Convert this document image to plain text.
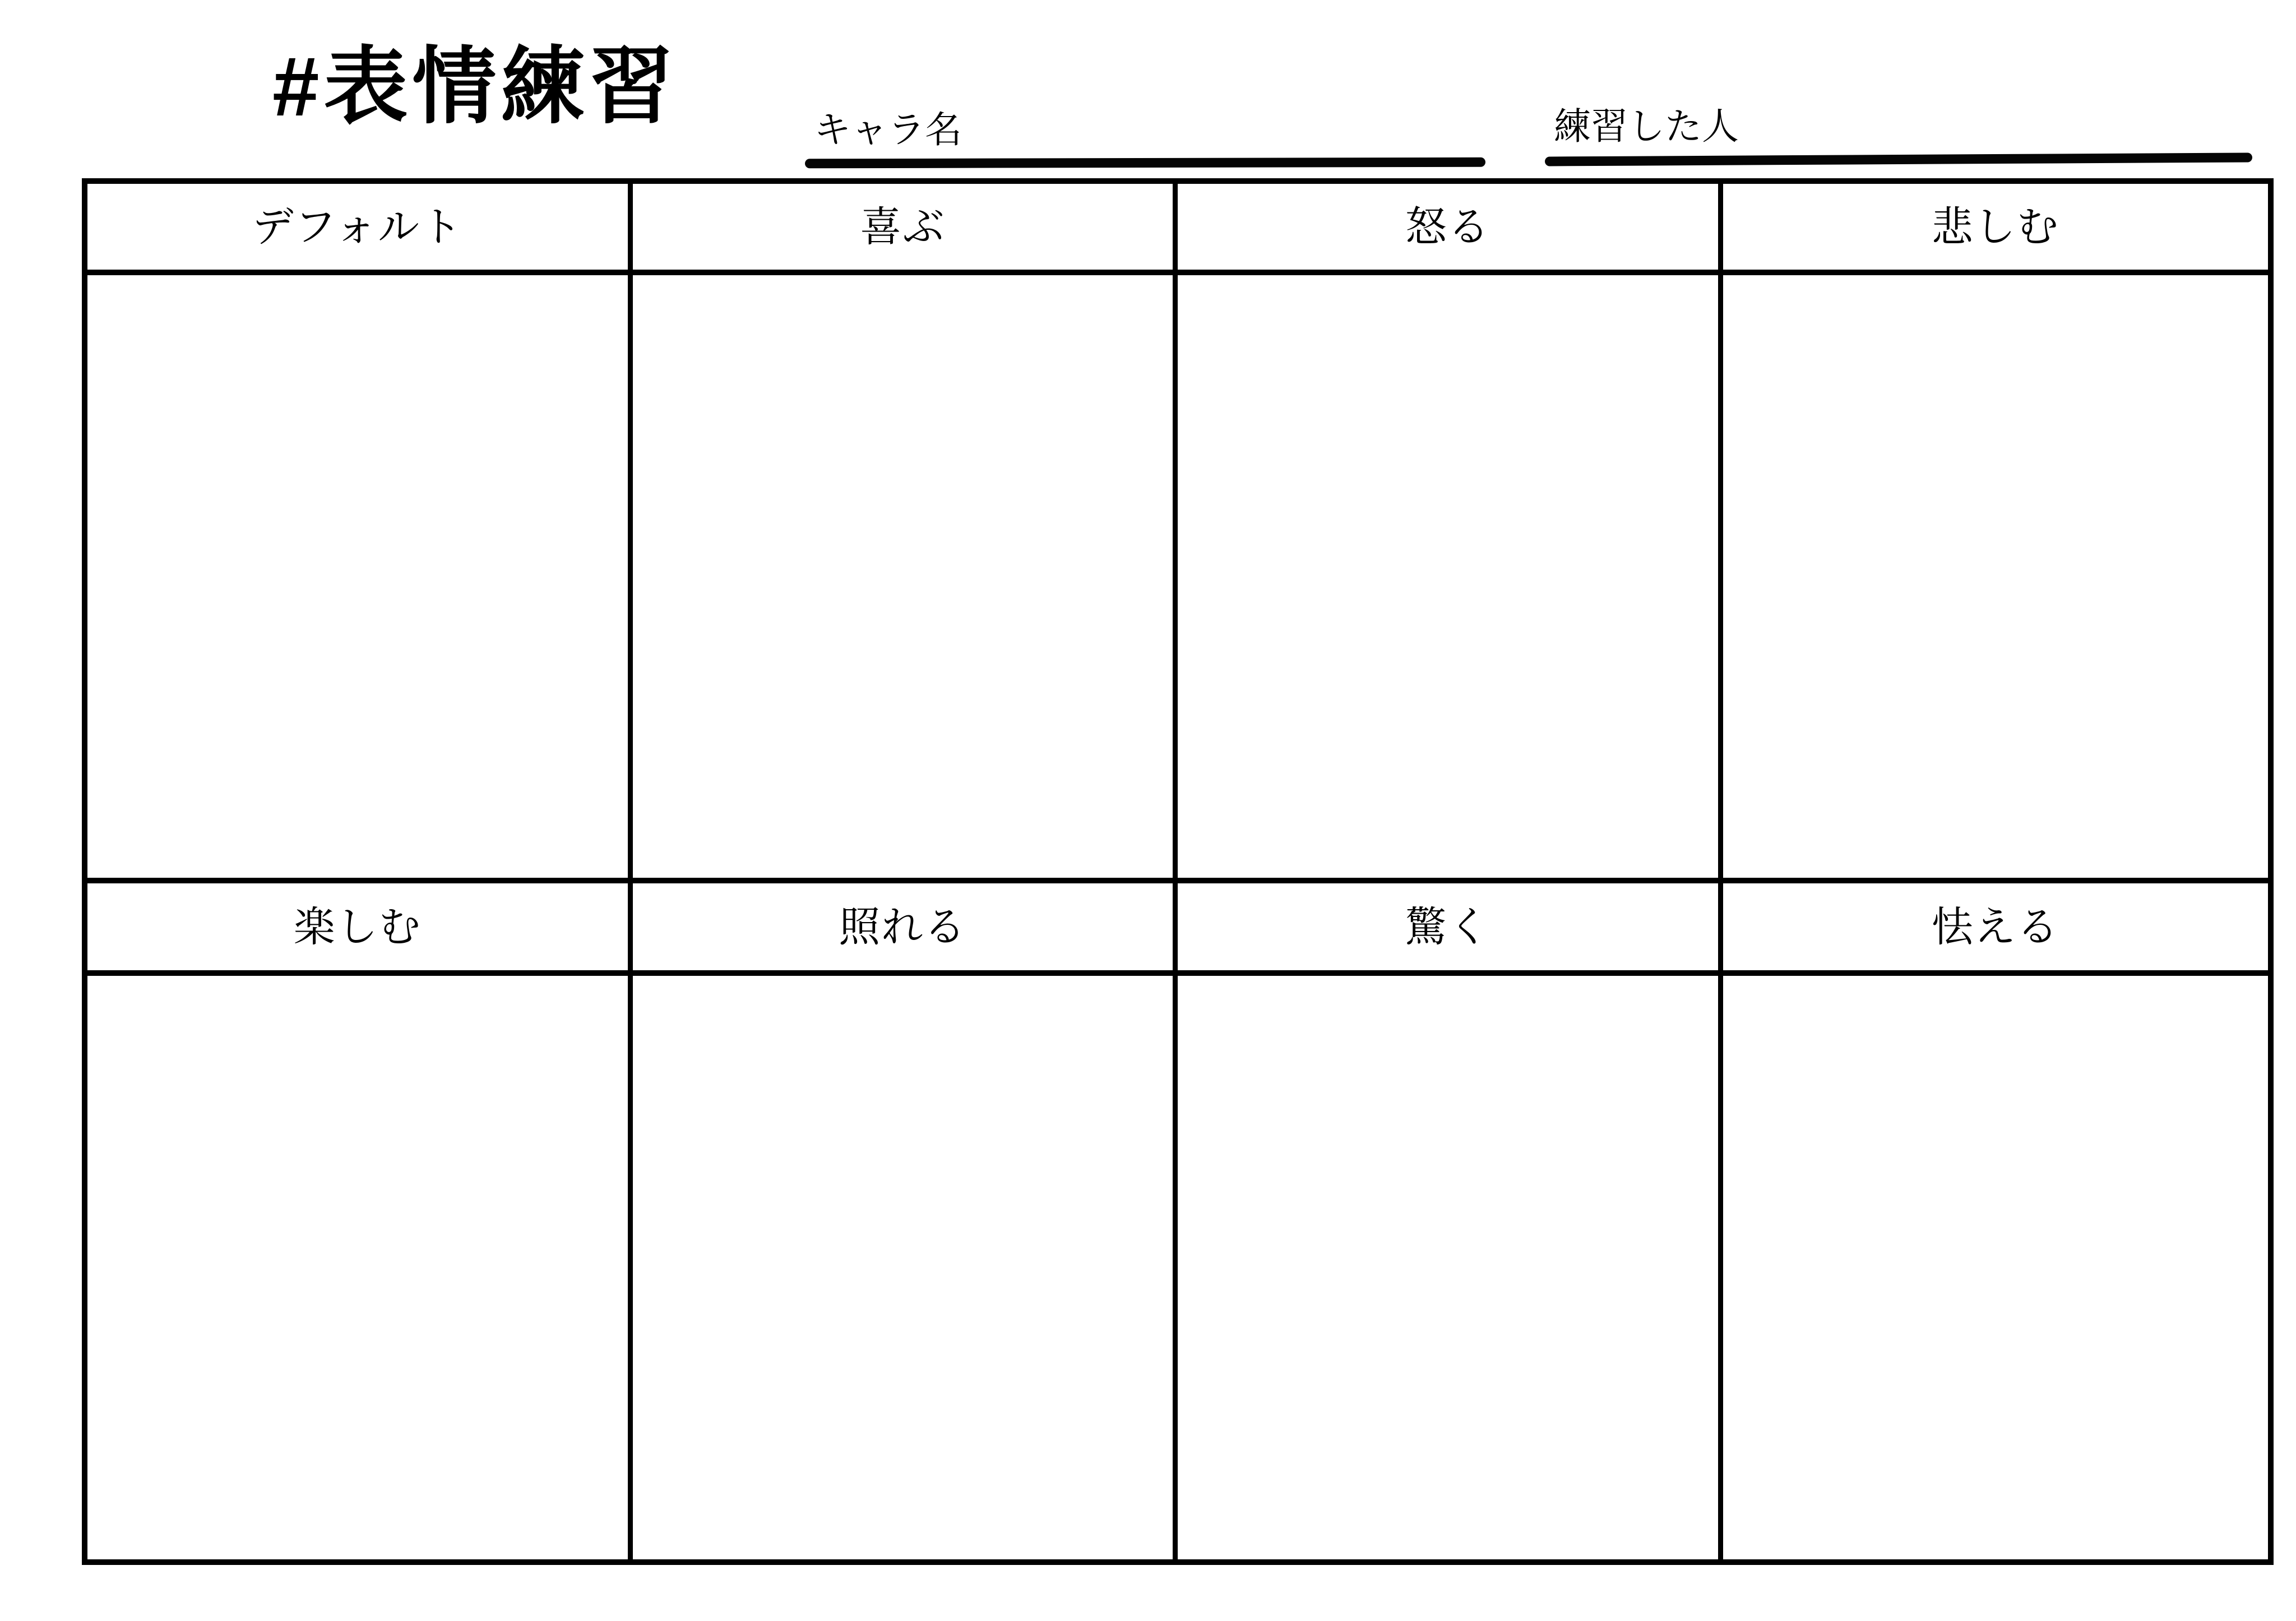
#表情練習	キャラ名	練習した人
デフォルト	喜ぶ	怒る	悲しむ
楽しむ	照れる	驚く	怯える
